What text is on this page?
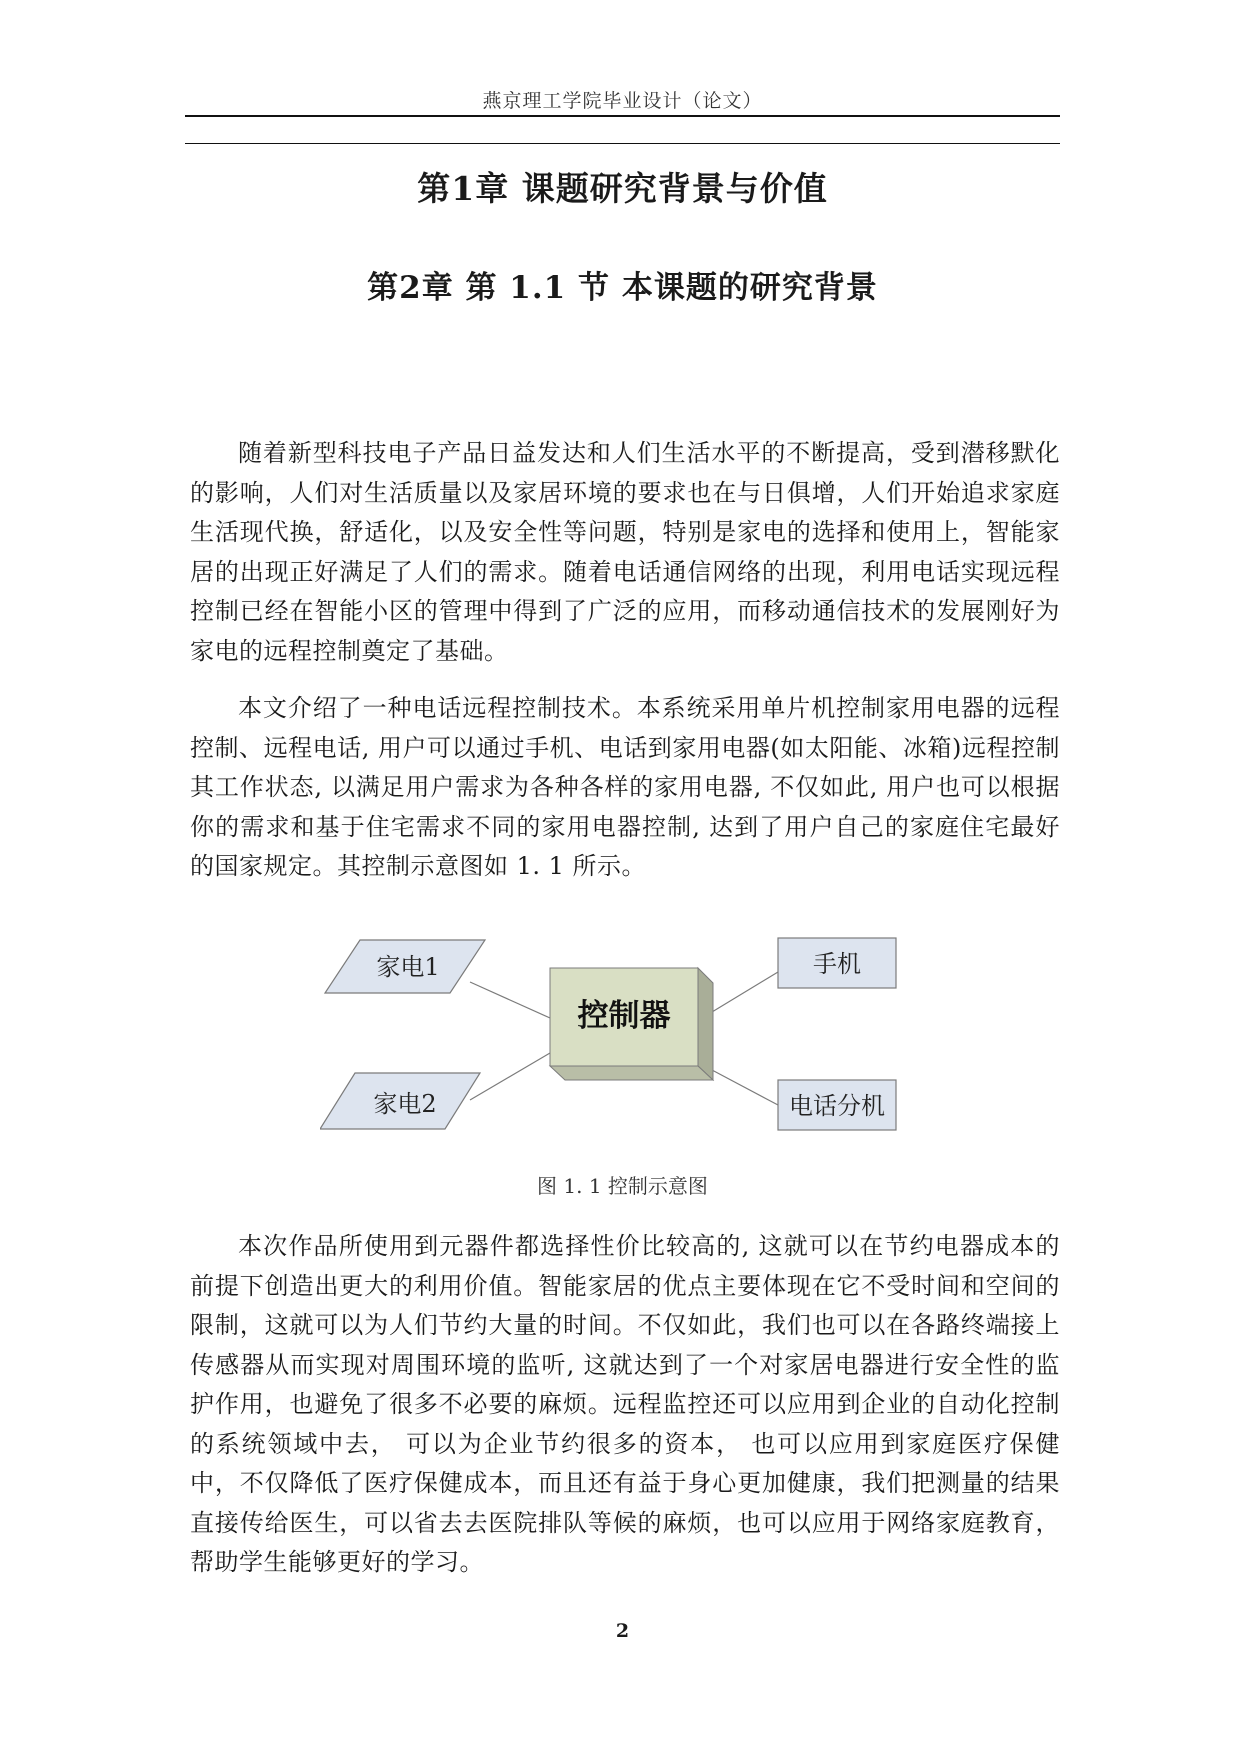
燕京理工学院毕业设计（论文）
第1章 课题研究背景与价值
第2章 第 1.1 节 本课题的研究背景

随着新型科技电子产品日益发达和人们生活水平的不断提高，受到潜移默化的影响，人们对生活质量以及家居环境的要求也在与日俱增，人们开始追求家庭生活现代换，舒适化，以及安全性等问题，特别是家电的选择和使用上，智能家居的出现正好满足了人们的需求。随着电话通信网络的出现，利用电话实现远程控制已经在智能小区的管理中得到了广泛的应用，而移动通信技术的发展刚好为家电的远程控制奠定了基础。

本文介绍了一种电话远程控制技术。本系统采用单片机控制家用电器的远程控制、远程电话, 用户可以通过手机、电话到家用电器(如太阳能、冰箱)远程控制其工作状态, 以满足用户需求为各种各样的家用电器, 不仅如此, 用户也可以根据你的需求和基于住宅需求不同的家用电器控制, 达到了用户自己的家庭住宅最好的国家规定。其控制示意图如 1. 1 所示。

家电1
家电2
控制器
手机
电话分机
图 1. 1 控制示意图

本次作品所使用到元器件都选择性价比较高的, 这就可以在节约电器成本的前提下创造出更大的利用价值。智能家居的优点主要体现在它不受时间和空间的限制，这就可以为人们节约大量的时间。不仅如此，我们也可以在各路终端接上传感器从而实现对周围环境的监听, 这就达到了一个对家居电器进行安全性的监护作用，也避免了很多不必要的麻烦。远程监控还可以应用到企业的自动化控制的系统领域中去， 可以为企业节约很多的资本， 也可以应用到家庭医疗保健中，不仅降低了医疗保健成本，而且还有益于身心更加健康，我们把测量的结果直接传给医生，可以省去去医院排队等候的麻烦，也可以应用于网络家庭教育，帮助学生能够更好的学习。

2
